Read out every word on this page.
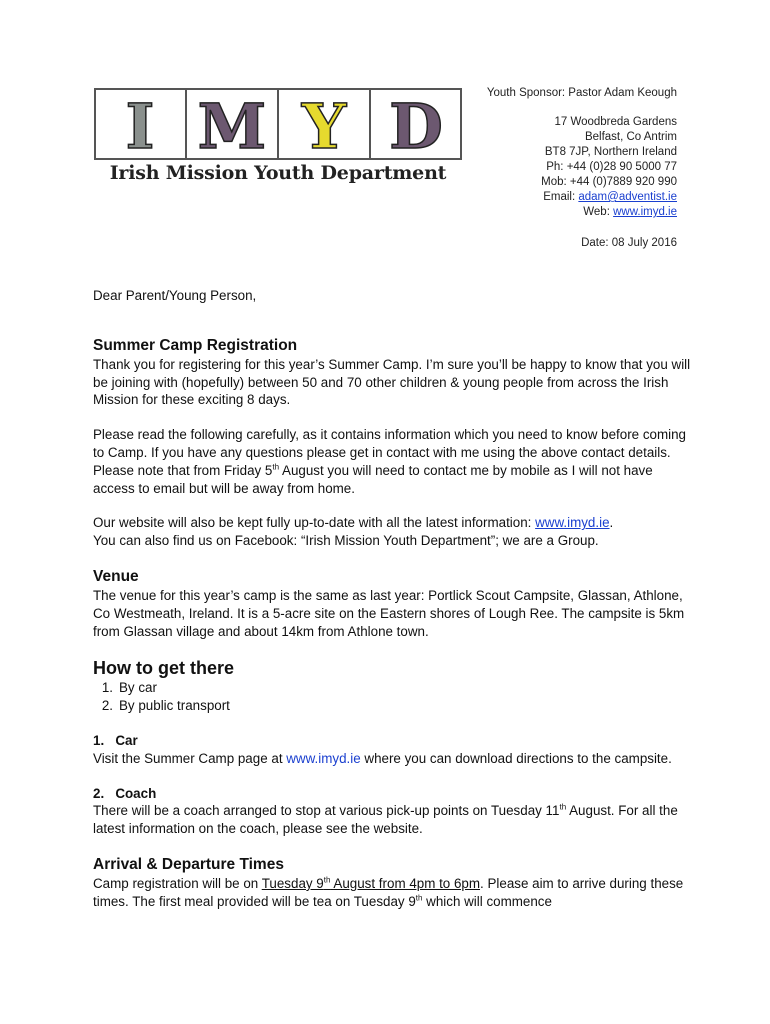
I M Y D
Irish Mission Youth Department
Youth Sponsor: Pastor Adam Keough
17 Woodbreda Gardens
Belfast, Co Antrim
BT8 7JP, Northern Ireland
Ph: +44 (0)28 90 5000 77
Mob: +44 (0)7889 920 990
Email: adam@adventist.ie
Web: www.imyd.ie
Date: 08 July 2016

Dear Parent/Young Person,

Summer Camp Registration

Thank you for registering for this year’s Summer Camp. I’m sure you’ll be happy to know that you will be joining with (hopefully) between 50 and 70 other children & young people from across the Irish Mission for these exciting 8 days.

Please read the following carefully, as it contains information which you need to know before coming to Camp. If you have any questions please get in contact with me using the above contact details. Please note that from Friday 5th August you will need to contact me by mobile as I will not have access to email but will be away from home.

Our website will also be kept fully up-to-date with all the latest information: www.imyd.ie.

You can also find us on Facebook: “Irish Mission Youth Department”; we are a Group.

Venue

The venue for this year’s camp is the same as last year: Portlick Scout Campsite, Glassan, Athlone, Co Westmeath, Ireland. It is a 5-acre site on the Eastern shores of Lough Ree. The campsite is 5km from Glassan village and about 14km from Athlone town.

How to get there
1. By car
2. By public transport

1.   Car

Visit the Summer Camp page at www.imyd.ie where you can download directions to the campsite.

2.   Coach

There will be a coach arranged to stop at various pick-up points on Tuesday 11th August. For all the latest information on the coach, please see the website.

Arrival & Departure Times

Camp registration will be on Tuesday 9th August from 4pm to 6pm. Please aim to arrive during these times. The first meal provided will be tea on Tuesday 9th which will commence
